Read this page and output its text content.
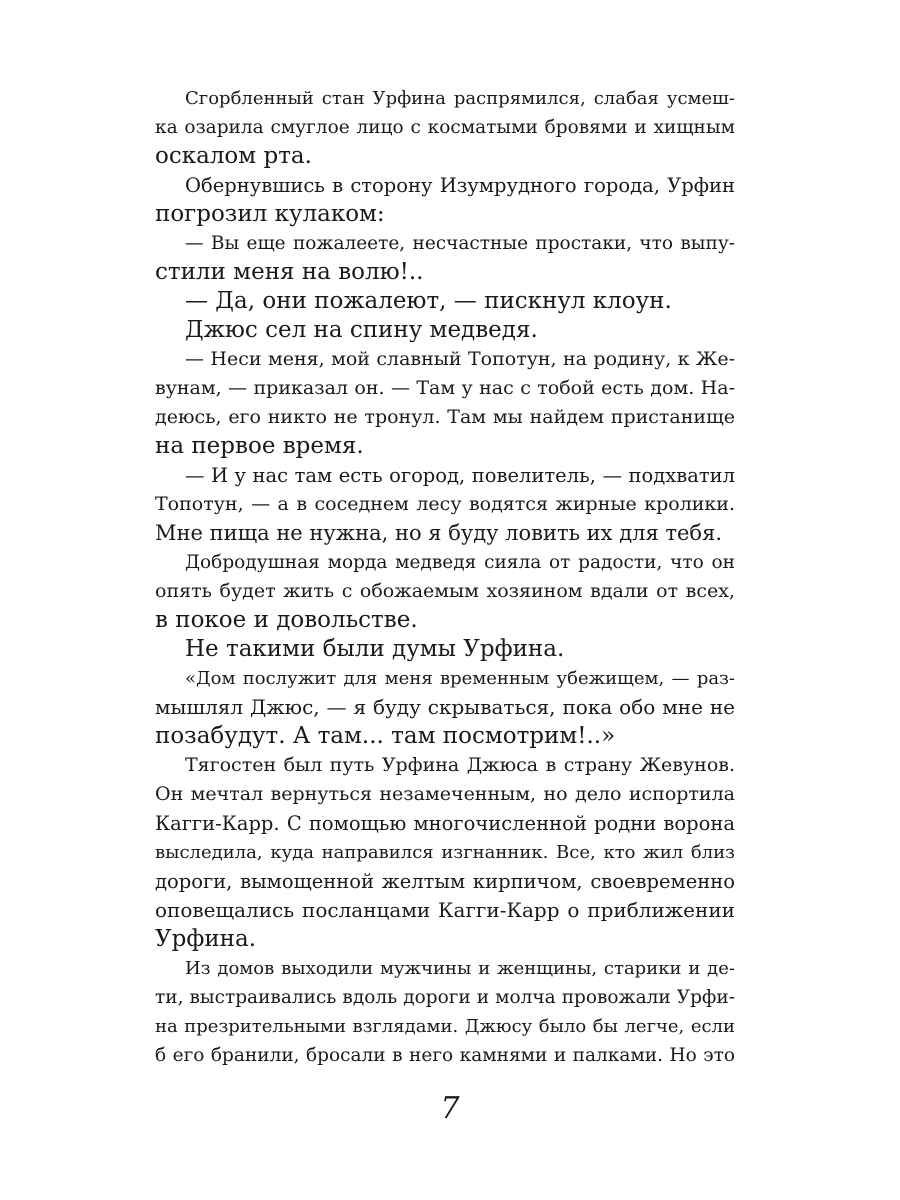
Сгорбленный стан Урфина распрямился, слабая усмеш-
ка озарила смуглое лицо с косматыми бровями и хищным
оскалом рта.
Обернувшись в сторону Изумрудного города, Урфин
погрозил кулаком:
— Вы еще пожалеете, несчастные простаки, что выпу-
стили меня на волю!..
— Да, они пожалеют, — пискнул клоун.
Джюс сел на спину медведя.
— Неси меня, мой славный Топотун, на родину, к Же-
вунам, — приказал он. — Там у нас с тобой есть дом. На-
деюсь, его никто не тронул. Там мы найдем пристанище
на первое время.
— И у нас там есть огород, повелитель, — подхватил
Топотун, — а в соседнем лесу водятся жирные кролики.
Мне пища не нужна, но я буду ловить их для тебя.
Добродушная морда медведя сияла от радости, что он
опять будет жить с обожаемым хозяином вдали от всех,
в покое и довольстве.
Не такими были думы Урфина.
«Дом послужит для меня временным убежищем, — раз-
мышлял Джюс, — я буду скрываться, пока обо мне не
позабудут. А там... там посмотрим!..»
Тягостен был путь Урфина Джюса в страну Жевунов.
Он мечтал вернуться незамеченным, но дело испортила
Кагги-Карр. С помощью многочисленной родни ворона
выследила, куда направился изгнанник. Все, кто жил близ
дороги, вымощенной желтым кирпичом, своевременно
оповещались посланцами Кагги-Карр о приближении
Урфина.
Из домов выходили мужчины и женщины, старики и де-
ти, выстраивались вдоль дороги и молча провожали Урфи-
на презрительными взглядами. Джюсу было бы легче, если
б его бранили, бросали в него камнями и палками. Но это
7
